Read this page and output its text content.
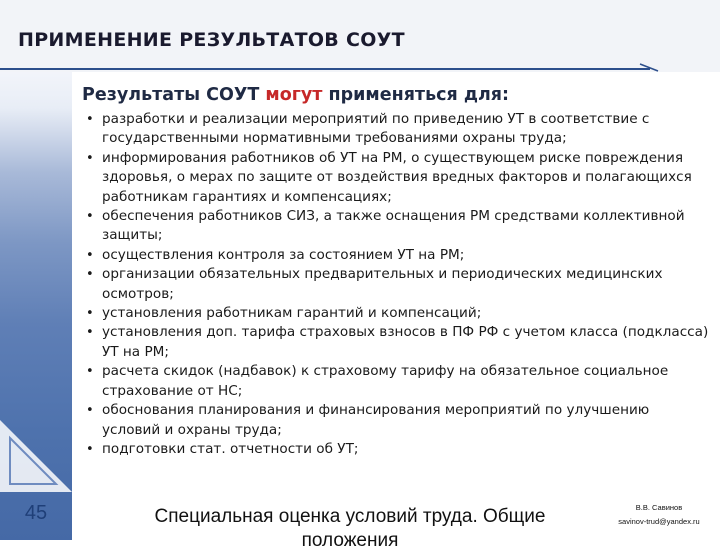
ПРИМЕНЕНИЕ РЕЗУЛЬТАТОВ СОУТ
Результаты СОУТ могут применяться для:
• разработки и реализации мероприятий по приведению УТ в соответствие с государственными нормативными требованиями охраны труда;
• информирования работников об УТ на РМ, о существующем риске повреждения здоровья, о мерах по защите от воздействия вредных факторов и полагающихся работникам гарантиях и компенсациях;
• обеспечения работников СИЗ, а также оснащения РМ средствами коллективной защиты;
• осуществления контроля за состоянием УТ на РМ;
• организации обязательных предварительных и периодических медицинских осмотров;
• установления работникам гарантий и компенсаций;
• установления доп. тарифа страховых взносов в ПФ РФ с учетом класса (подкласса) УТ на РМ;
• расчета скидок (надбавок) к страховому тарифу на обязательное социальное страхование от НС;
• обоснования планирования и финансирования мероприятий по улучшению условий и охраны труда;
• подготовки стат. отчетности об УТ;
45	Специальная оценка условий труда. Общие положения
В.В. Савинов
savinov-trud@yandex.ru
